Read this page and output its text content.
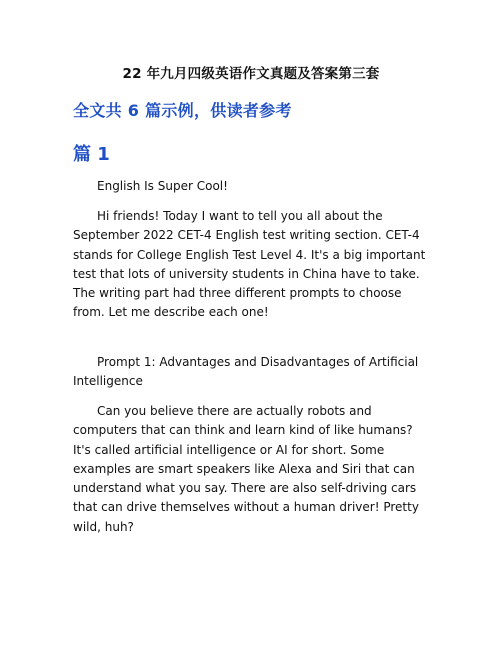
22 年九月四级英语作文真题及答案第三套
全文共 6 篇示例，供读者参考
篇 1

English Is Super Cool!

Hi friends! Today I want to tell you all about the September 2022 CET-4 English test writing section. CET-4 stands for College English Test Level 4. It's a big important test that lots of university students in China have to take. The writing part had three different prompts to choose from. Let me describe each one!

Prompt 1: Advantages and Disadvantages of Artificial Intelligence

Can you believe there are actually robots and computers that can think and learn kind of like humans? It's called artificial intelligence or AI for short. Some examples are smart speakers like Alexa and Siri that can understand what you say. There are also self-driving cars that can drive themselves without a human driver! Pretty wild, huh?
